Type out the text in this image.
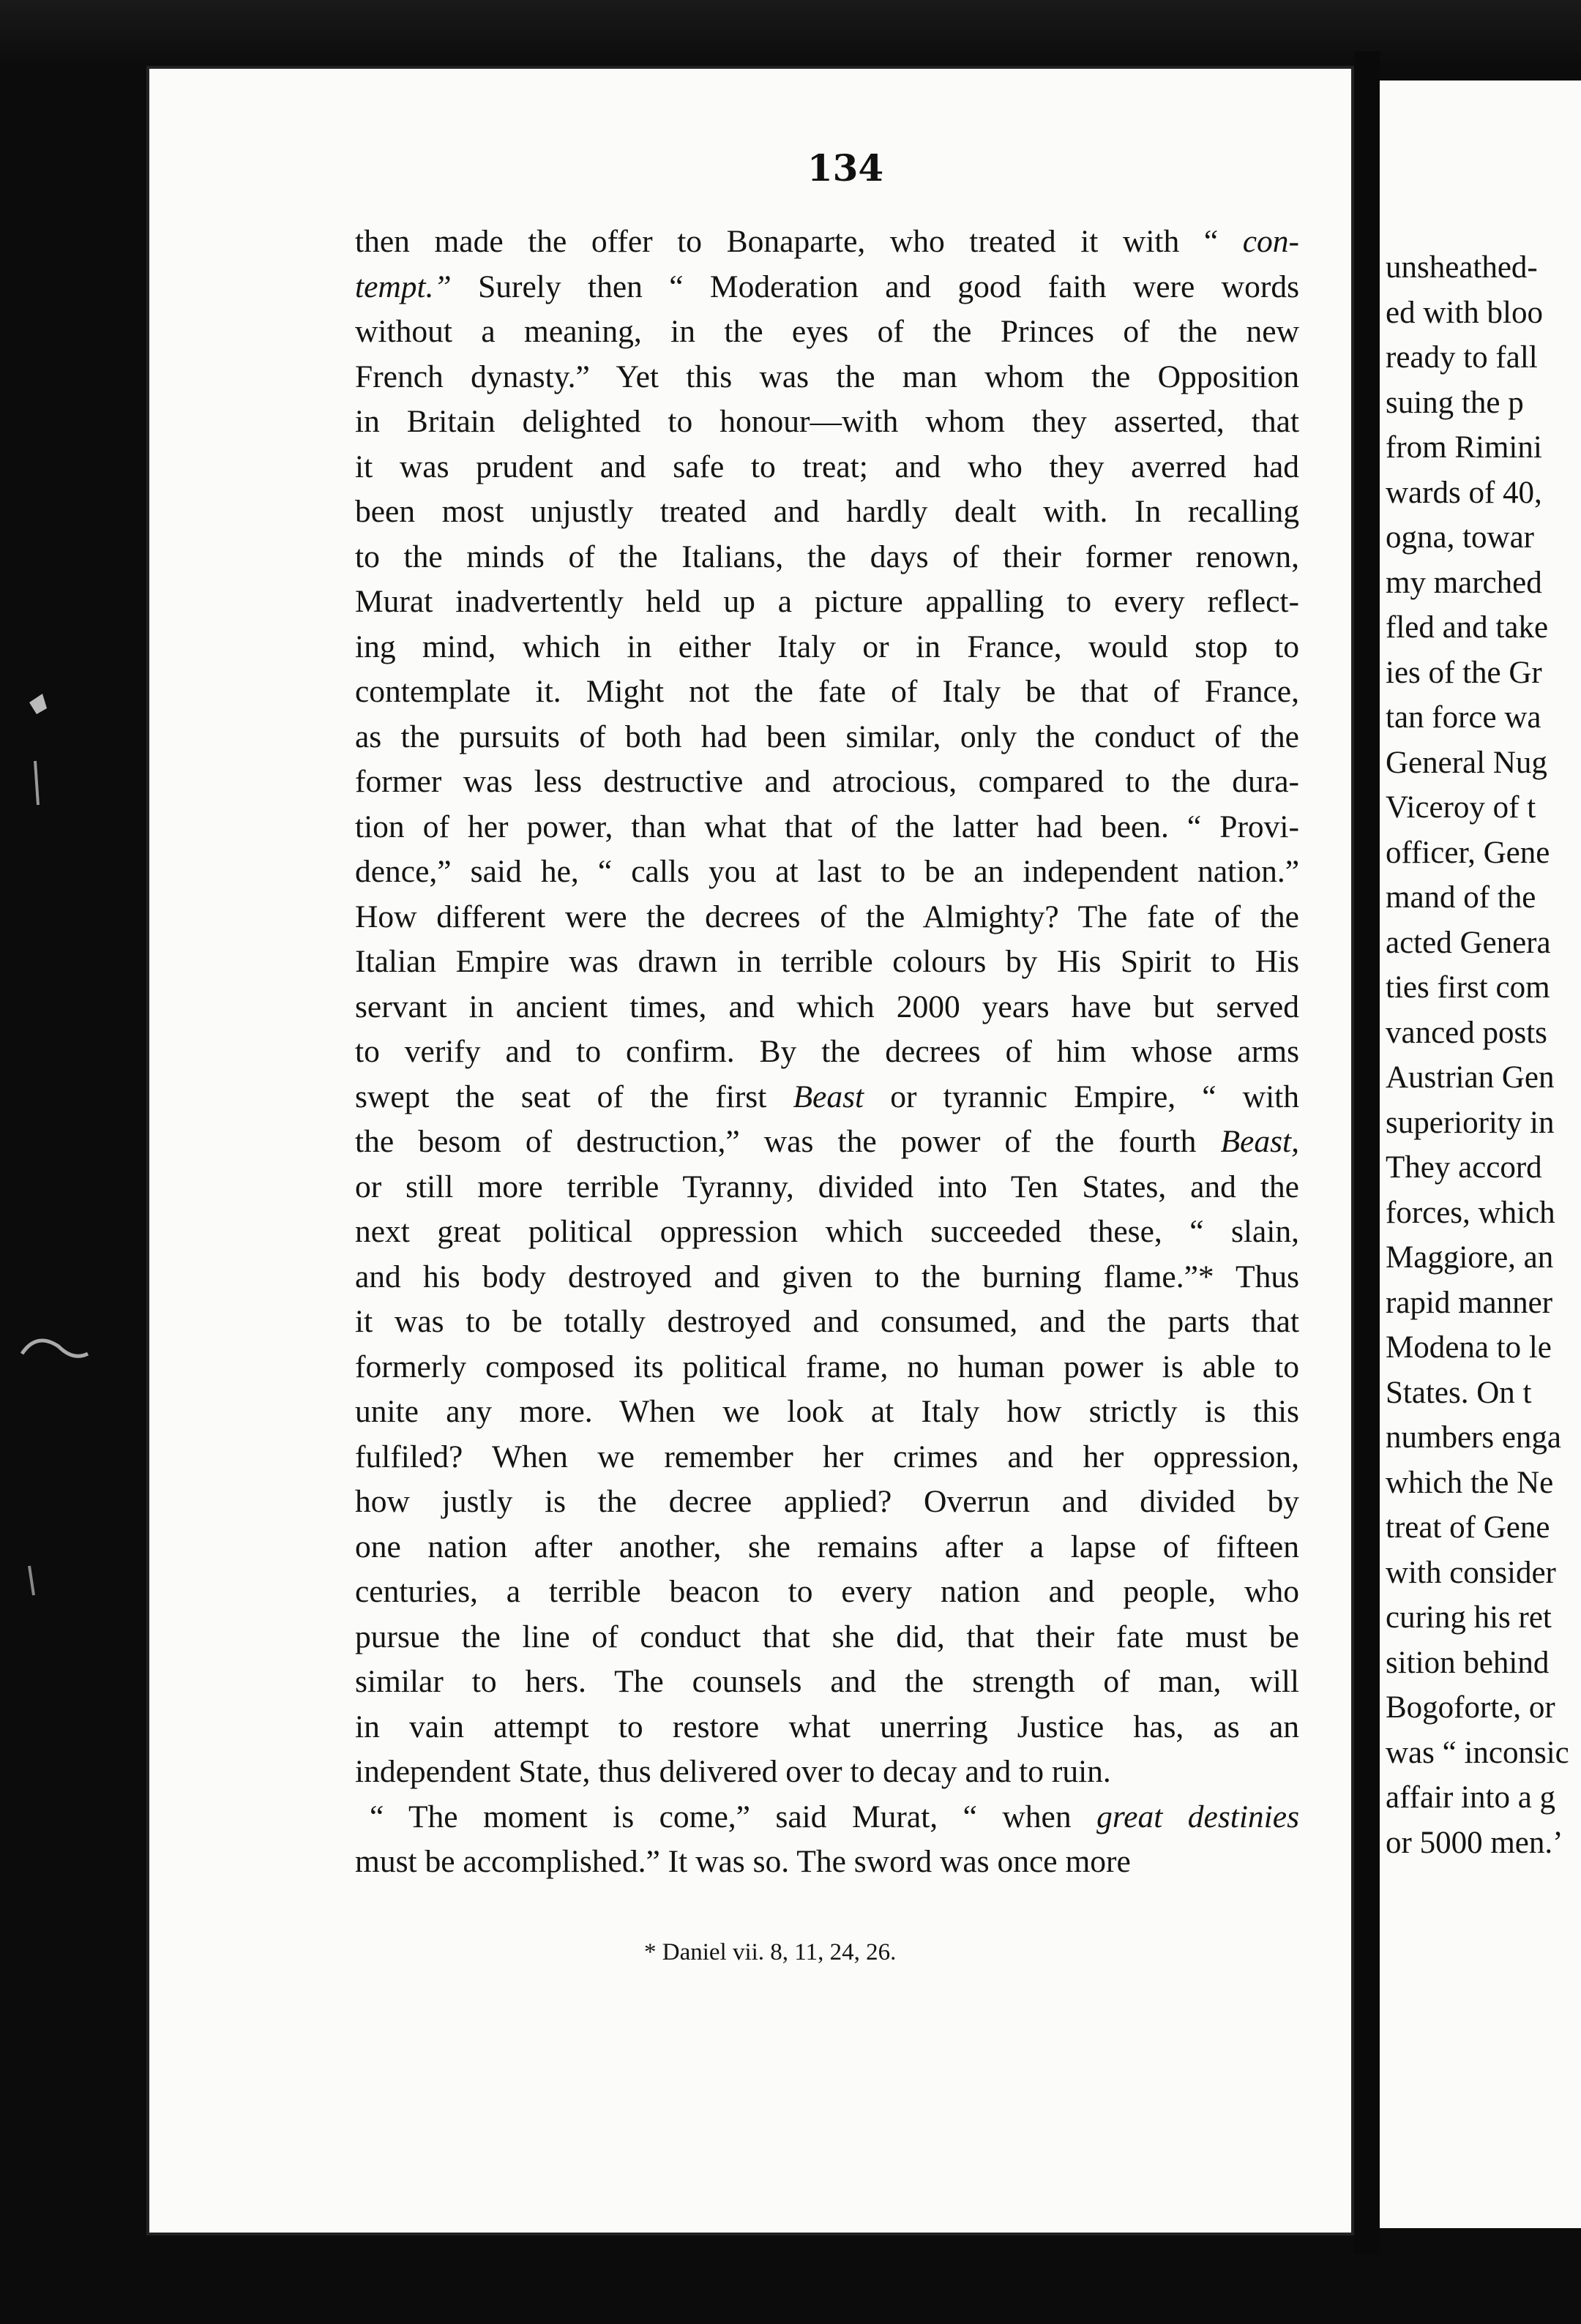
134
then made the offer to Bonaparte, who treated it with “ con-
tempt.” Surely then “ Moderation and good faith were words
without a meaning, in the eyes of the Princes of the new
French dynasty.” Yet this was the man whom the Opposition
in Britain delighted to honour—with whom they asserted, that
it was prudent and safe to treat; and who they averred had
been most unjustly treated and hardly dealt with. In recalling
to the minds of the Italians, the days of their former renown,
Murat inadvertently held up a picture appalling to every reflect-
ing mind, which in either Italy or in France, would stop to
contemplate it. Might not the fate of Italy be that of France,
as the pursuits of both had been similar, only the conduct of the
former was less destructive and atrocious, compared to the dura-
tion of her power, than what that of the latter had been. “ Provi-
dence,” said he, “ calls you at last to be an independent nation.”
How different were the decrees of the Almighty? The fate of the
Italian Empire was drawn in terrible colours by His Spirit to His
servant in ancient times, and which 2000 years have but served
to verify and to confirm. By the decrees of him whose arms
swept the seat of the first Beast or tyrannic Empire, “ with
the besom of destruction,” was the power of the fourth Beast,
or still more terrible Tyranny, divided into Ten States, and the
next great political oppression which succeeded these, “ slain,
and his body destroyed and given to the burning flame.”* Thus
it was to be totally destroyed and consumed, and the parts that
formerly composed its political frame, no human power is able to
unite any more. When we look at Italy how strictly is this
fulfiled? When we remember her crimes and her oppression,
how justly is the decree applied? Overrun and divided by
one nation after another, she remains after a lapse of fifteen
centuries, a terrible beacon to every nation and people, who
pursue the line of conduct that she did, that their fate must be
similar to hers. The counsels and the strength of man, will
in vain attempt to restore what unerring Justice has, as an
independent State, thus delivered over to decay and to ruin.
“ The moment is come,” said Murat, “ when great destinies
must be accomplished.” It was so. The sword was once more
* Daniel vii. 8, 11, 24, 26.
unsheathed-
ed with bloo
ready to fall
suing the p
from Rimini
wards of 40,
ogna, towar
my marched
fled and take
ies of the Gr
tan force wa
General Nug
Viceroy of t
officer, Gene
mand of the
acted Genera
ties first com
vanced posts
Austrian Gen
superiority in
They accord
forces, which
Maggiore, an
rapid manner
Modena to le
States. On t
numbers enga
which the Ne
treat of Gene
with consider
curing his ret
sition behind
Bogoforte, or
was “ inconsic
affair into a g
or 5000 men.’
